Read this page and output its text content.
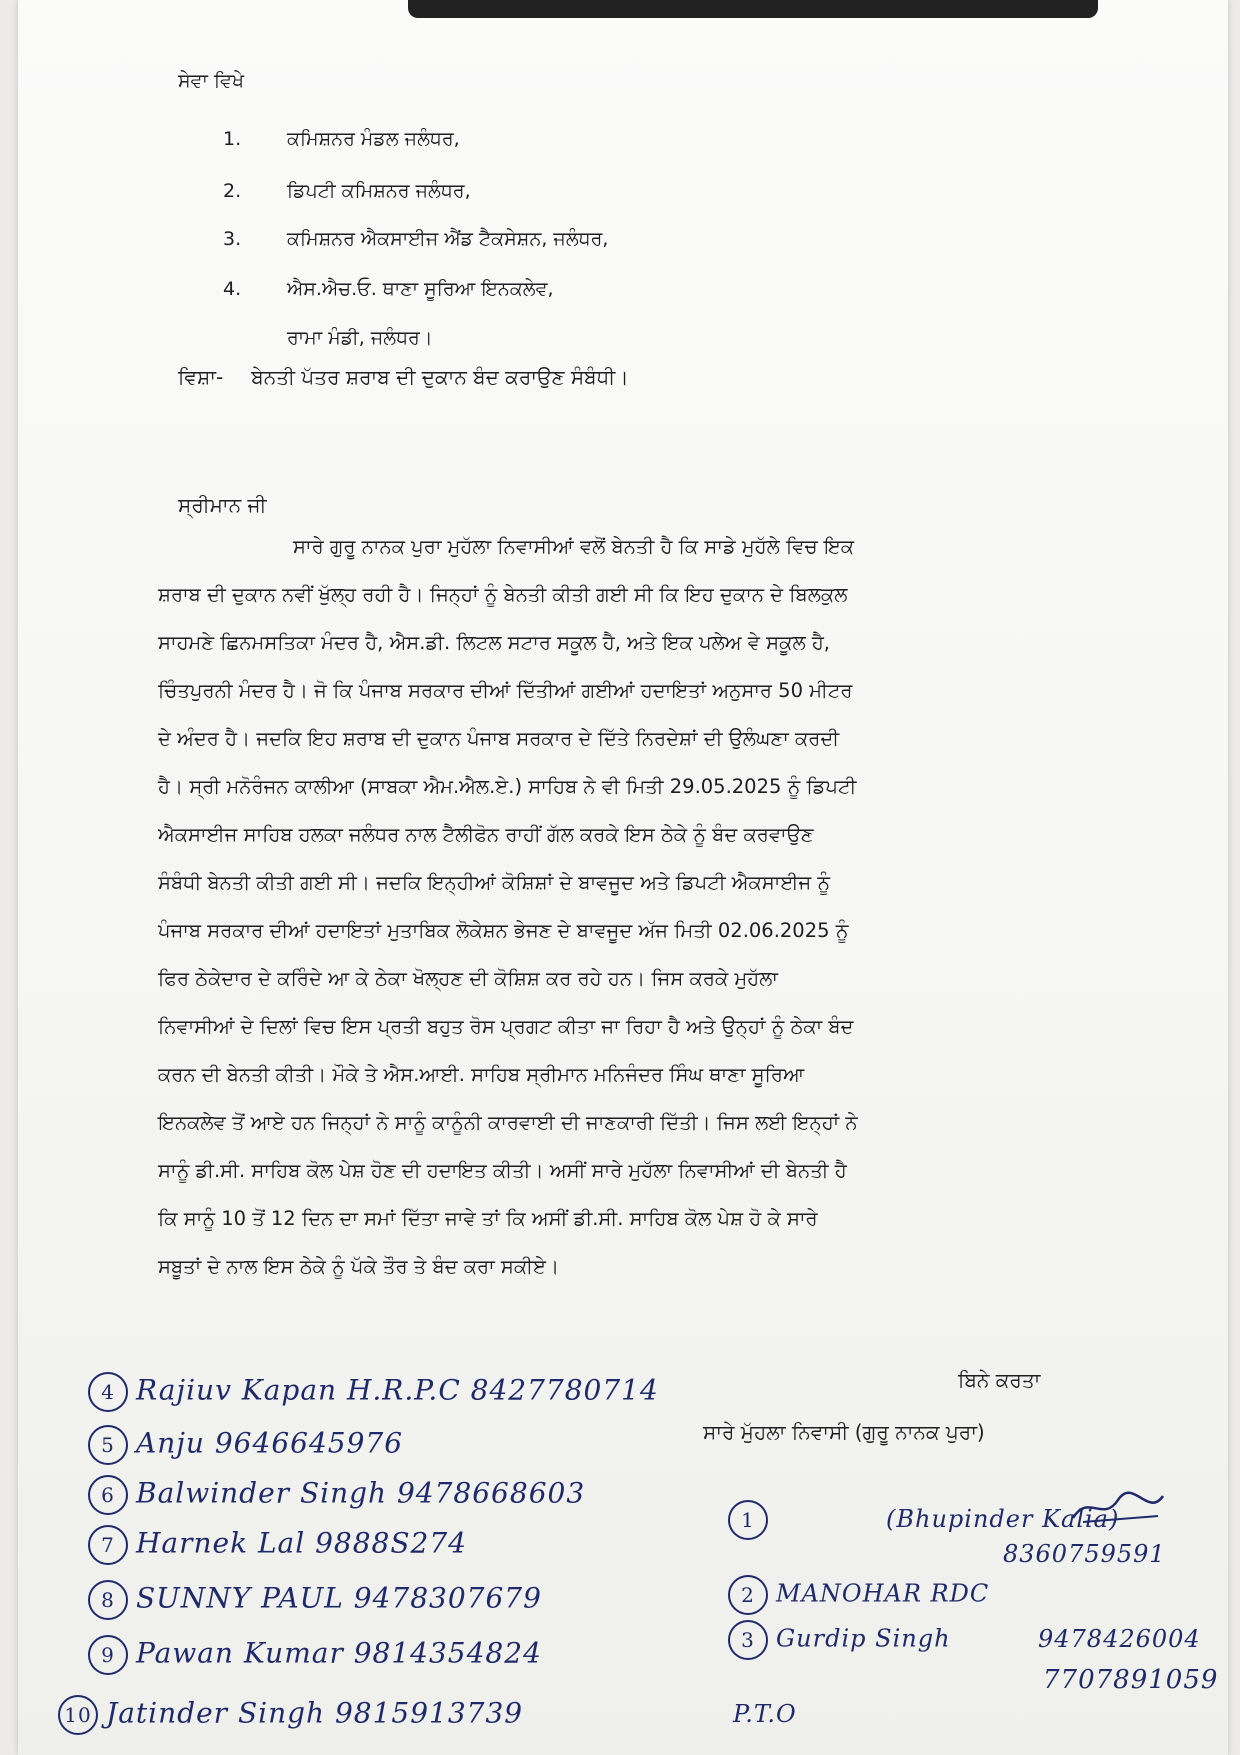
ਸੇਵਾ ਵਿਖੇ
1. ਕਮਿਸ਼ਨਰ ਮੰਡਲ ਜਲੰਧਰ,
2. ਡਿਪਟੀ ਕਮਿਸ਼ਨਰ ਜਲੰਧਰ,
3. ਕਮਿਸ਼ਨਰ ਐਕਸਾਈਜ ਐਂਡ ਟੈਕਸੇਸ਼ਨ, ਜਲੰਧਰ,
4. ਐਸ.ਐਚ.ਓ. ਥਾਣਾ ਸੂਰਿਆ ਇਨਕਲੇਵ,
ਰਾਮਾ ਮੰਡੀ, ਜਲੰਧਰ।
ਵਿਸ਼ਾ- ਬੇਨਤੀ ਪੱਤਰ ਸ਼ਰਾਬ ਦੀ ਦੁਕਾਨ ਬੰਦ ਕਰਾਉਣ ਸੰਬੰਧੀ।
ਸ੍ਰੀਮਾਨ ਜੀ
ਸਾਰੇ ਗੁਰੂ ਨਾਨਕ ਪੁਰਾ ਮੁਹੱਲਾ ਨਿਵਾਸੀਆਂ ਵਲੋਂ ਬੇਨਤੀ ਹੈ ਕਿ ਸਾਡੇ ਮੁਹੱਲੇ ਵਿਚ ਇਕ
ਸ਼ਰਾਬ ਦੀ ਦੁਕਾਨ ਨਵੀਂ ਖੁੱਲ੍ਹ ਰਹੀ ਹੈ। ਜਿਨ੍ਹਾਂ ਨੂੰ ਬੇਨਤੀ ਕੀਤੀ ਗਈ ਸੀ ਕਿ ਇਹ ਦੁਕਾਨ ਦੇ ਬਿਲਕੁਲ
ਸਾਹਮਣੇ ਛਿਨਮਸਤਿਕਾ ਮੰਦਰ ਹੈ, ਐਸ.ਡੀ. ਲਿਟਲ ਸਟਾਰ ਸਕੂਲ ਹੈ, ਅਤੇ ਇਕ ਪਲੇਅ ਵੇ ਸਕੂਲ ਹੈ,
ਚਿੰਤਪੁਰਨੀ ਮੰਦਰ ਹੈ। ਜੋ ਕਿ ਪੰਜਾਬ ਸਰਕਾਰ ਦੀਆਂ ਦਿੱਤੀਆਂ ਗਈਆਂ ਹਦਾਇਤਾਂ ਅਨੁਸਾਰ 50 ਮੀਟਰ
ਦੇ ਅੰਦਰ ਹੈ। ਜਦਕਿ ਇਹ ਸ਼ਰਾਬ ਦੀ ਦੁਕਾਨ ਪੰਜਾਬ ਸਰਕਾਰ ਦੇ ਦਿੱਤੇ ਨਿਰਦੇਸ਼ਾਂ ਦੀ ਉਲੰਘਣਾ ਕਰਦੀ
ਹੈ। ਸ੍ਰੀ ਮਨੋਰੰਜਨ ਕਾਲੀਆ (ਸਾਬਕਾ ਐਮ.ਐਲ.ਏ.) ਸਾਹਿਬ ਨੇ ਵੀ ਮਿਤੀ 29.05.2025 ਨੂੰ ਡਿਪਟੀ
ਐਕਸਾਈਜ ਸਾਹਿਬ ਹਲਕਾ ਜਲੰਧਰ ਨਾਲ ਟੈਲੀਫੋਨ ਰਾਹੀਂ ਗੱਲ ਕਰਕੇ ਇਸ ਠੇਕੇ ਨੂੰ ਬੰਦ ਕਰਵਾਉਣ
ਸੰਬੰਧੀ ਬੇਨਤੀ ਕੀਤੀ ਗਈ ਸੀ। ਜਦਕਿ ਇਨ੍ਹੀਆਂ ਕੋਸ਼ਿਸ਼ਾਂ ਦੇ ਬਾਵਜੂਦ ਅਤੇ ਡਿਪਟੀ ਐਕਸਾਈਜ ਨੂੰ
ਪੰਜਾਬ ਸਰਕਾਰ ਦੀਆਂ ਹਦਾਇਤਾਂ ਮੁਤਾਬਿਕ ਲੋਕੇਸ਼ਨ ਭੇਜਣ ਦੇ ਬਾਵਜੂਦ ਅੱਜ ਮਿਤੀ 02.06.2025 ਨੂੰ
ਫਿਰ ਠੇਕੇਦਾਰ ਦੇ ਕਰਿੰਦੇ ਆ ਕੇ ਠੇਕਾ ਖੋਲ੍ਹਣ ਦੀ ਕੋਸ਼ਿਸ਼ ਕਰ ਰਹੇ ਹਨ। ਜਿਸ ਕਰਕੇ ਮੁਹੱਲਾ
ਨਿਵਾਸੀਆਂ ਦੇ ਦਿਲਾਂ ਵਿਚ ਇਸ ਪ੍ਰਤੀ ਬਹੁਤ ਰੋਸ ਪ੍ਰਗਟ ਕੀਤਾ ਜਾ ਰਿਹਾ ਹੈ ਅਤੇ ਉਨ੍ਹਾਂ ਨੂੰ ਠੇਕਾ ਬੰਦ
ਕਰਨ ਦੀ ਬੇਨਤੀ ਕੀਤੀ। ਮੌਕੇ ਤੇ ਐਸ.ਆਈ. ਸਾਹਿਬ ਸ੍ਰੀਮਾਨ ਮਨਿਜੰਦਰ ਸਿੰਘ ਥਾਣਾ ਸੂਰਿਆ
ਇਨਕਲੇਵ ਤੋਂ ਆਏ ਹਨ ਜਿਨ੍ਹਾਂ ਨੇ ਸਾਨੂੰ ਕਾਨੂੰਨੀ ਕਾਰਵਾਈ ਦੀ ਜਾਣਕਾਰੀ ਦਿੱਤੀ। ਜਿਸ ਲਈ ਇਨ੍ਹਾਂ ਨੇ
ਸਾਨੂੰ ਡੀ.ਸੀ. ਸਾਹਿਬ ਕੋਲ ਪੇਸ਼ ਹੋਣ ਦੀ ਹਦਾਇਤ ਕੀਤੀ। ਅਸੀਂ ਸਾਰੇ ਮੁਹੱਲਾ ਨਿਵਾਸੀਆਂ ਦੀ ਬੇਨਤੀ ਹੈ
ਕਿ ਸਾਨੂੰ 10 ਤੋਂ 12 ਦਿਨ ਦਾ ਸਮਾਂ ਦਿੱਤਾ ਜਾਵੇ ਤਾਂ ਕਿ ਅਸੀਂ ਡੀ.ਸੀ. ਸਾਹਿਬ ਕੋਲ ਪੇਸ਼ ਹੋ ਕੇ ਸਾਰੇ
ਸਬੂਤਾਂ ਦੇ ਨਾਲ ਇਸ ਠੇਕੇ ਨੂੰ ਪੱਕੇ ਤੌਰ ਤੇ ਬੰਦ ਕਰਾ ਸਕੀਏ।
ਬਿਨੇ ਕਰਤਾ
ਸਾਰੇ ਮੁੱਹਲਾ ਨਿਵਾਸੀ (ਗੁਰੂ ਨਾਨਕ ਪੁਰਾ)
4 Rajiuv Kapan H.R.P.C 8427780714
5 Anju 9646645976
6 Balwinder Singh 9478668603
7 Harnek Lal 9888S274
8 SUNNY PAUL 9478307679
9 Pawan Kumar 9814354824
10 Jatinder Singh 9815913739
1	(Bhupinder Kalia)
8360759591
2 MANOHAR RDC
3 Gurdip Singh	9478426004
7707891059
P.T.O
